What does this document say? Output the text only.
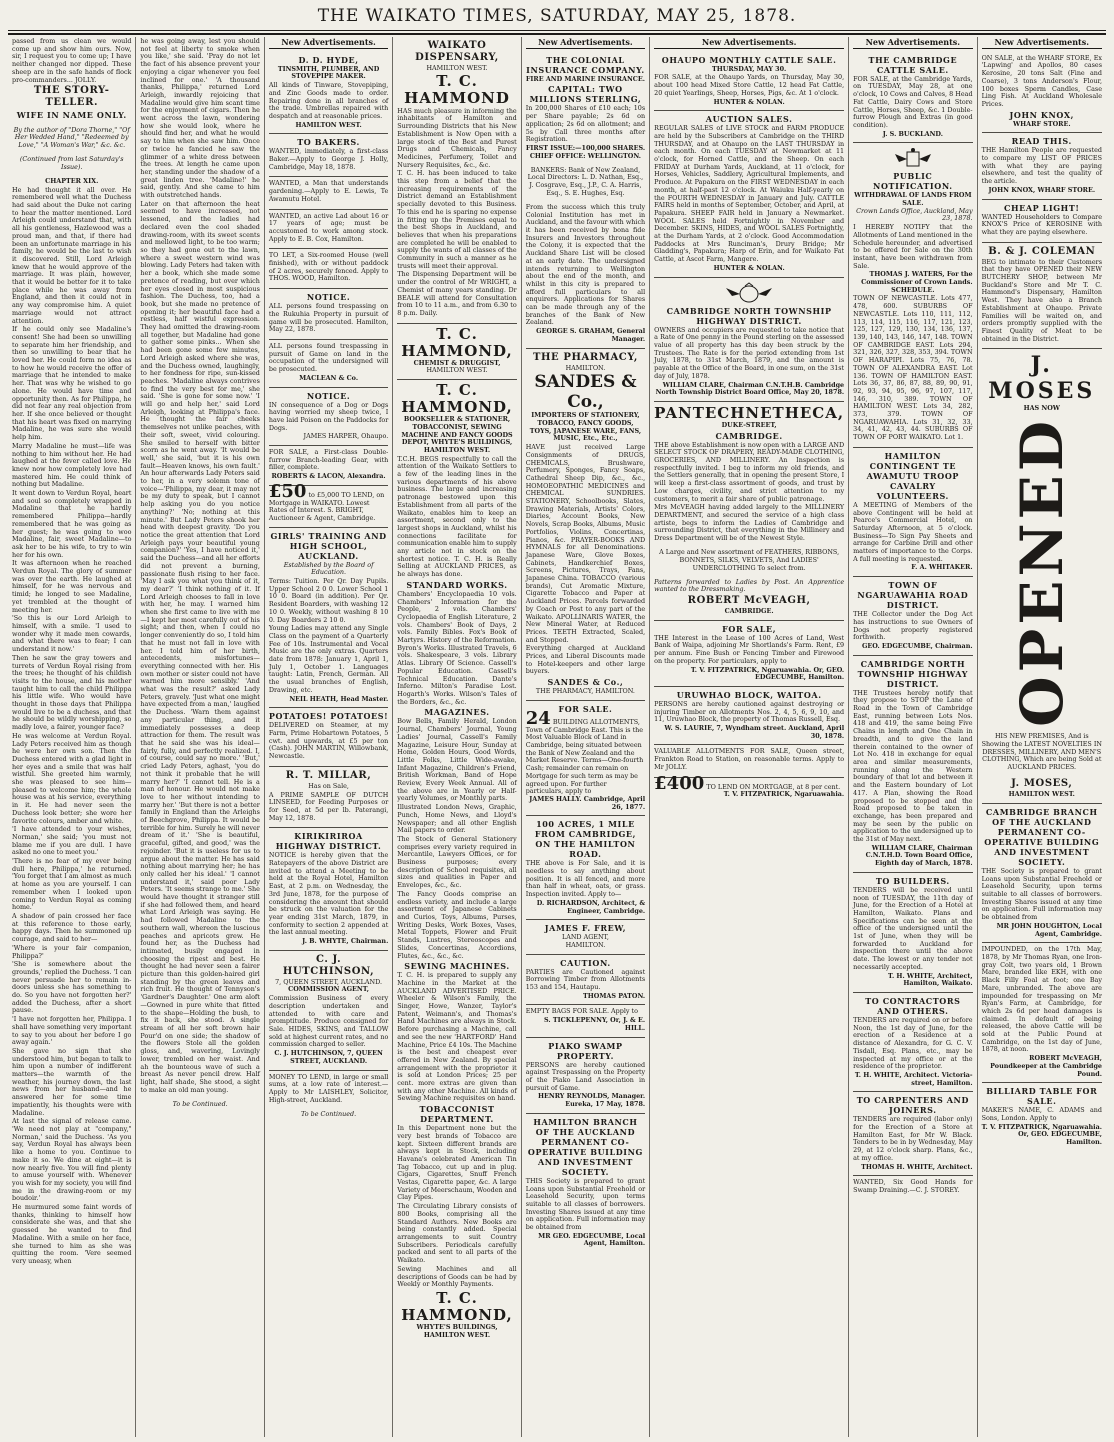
THE WAIKATO TIMES, SATURDAY, MAY 25, 1878.

passed from us clean we would come up and show him ours. Now, sir, I request you to come up; I have neither changed nor dipped. These sheep are in the safe hands of flock pro-commanders... JOLLY.

THE STORY-TELLER.
WIFE IN NAME ONLY.

By the author of "Dora Thorne," "Of Her Wedded Hand," "Redeemed by Love," "A Woman's War," &c. &c.

(Continued from last Saturday's Issue).

CHAPTER XIX.

He had thought it all over. He remembered well what the Duchess had said about the Duke not caring to hear the matter mentioned. Lord Arleigh could understand that, with all his gentleness, Hazlewood was a proud man, and that, if there had been an unfortunate marriage in his family, he would be the last to wish it discovered. Still, Lord Arleigh knew that he would approve of the marriage. It was plain, however, that it would be better for it to take place while he was away from England, and then it could not in any way compromise him. A quiet marriage would not attract attention.

If he could only see Madaline's consent! She had been so unwilling to separate him her friendship, and then so unwilling to bear that he loved her. He could form no idea as to how he would receive the offer of marriage that he intended to make her. That was why he wished to go alone. He would have time and opportunity then. As for Philippa, he did not fear any real objection from her. If she once believed or thought that his heart was fixed on marrying Madaline, he was sure she would help him.

Marry Madaline he must—life was nothing to him without her. He had laughed at the fever called love. He knew now how completely love had mastered him. He could think of nothing but Madaline.

It went down to Verdun Royal, heart and soul so completely wrapped in Madaline that he hardly remembered Philippa—hardly remembered that he was going as her guest; he was going to woo Madaline, fair, sweet Madaline—to ask her to be his wife, to try to win her for his own.

It was afternoon when he reached Verdun Royal. The glory of summer was over the earth. He laughed at himself, for he was nervous and timid; he longed to see Madaline, yet trembled at the thought of meeting her.

'So this is our Lord Arleigh to himself, with a smile. 'I used to wonder why it made men cowards, and what there was to fear; I can understand it now.'

Then he saw the gray towers and turrets of Verdun Royal rising from the trees; he thought of his childish visits to the house, and his mother taught him to call the child Philippa his little wife. Who would have thought in those days that Philippa would live to be a duchess, and that he should be wildly worshipping, so madly love, a fairer, younger face?

He was welcome at Verdun Royal. Lady Peters received him as though he were her own son. Then the Duchess entered with a glad light in her eyes and a smile that was half wistful. She greeted him warmly, she was pleased to see him—pleased to welcome him; the whole house was at his service, everything in it. He had never seen the Duchess look better; she wore her favorite colours, amber and white.

'I have attended to your wishes, Norman,' she said; 'you must not blame me if you are dull. I have asked no one to meet you.'

'There is no fear of my ever being dull here, Philippa,' he returned. 'You forget that I am almost as much at home as you are yourself. I can remember when I looked upon coming to Verdun Royal as coming home.'

A shadow of pain crossed her face at this reference to those early, happy days. Then he summoned up courage, and said to her—

'Where is your fair companion, Philippa?'

'She is somewhere about the grounds,' replied the Duchess. 'I can never persuade her to remain in-doors unless she has something to do. So you have not forgotten her?' added the Duchess, after a short pause.

'I have not forgotten her, Philippa. I shall have something very important to say to you about her before I go away again.'

She gave no sign that she understood him, but began to talk to him upon a number of indifferent matters—the warmth of the weather, his journey down, the last news from her husband—and he answered her for some time impatiently, his thoughts were with Madaline.

At last the signal of release came. 'We need not play at "company," Norman,' said the Duchess. 'As you say, Verdun Royal has always been like a home to you. Continue to make it so. We dine at eight—it is now nearly five. You will find plenty to amuse yourself with. Whenever you wish for my society, you will find me in the drawing-room or my boudoir.'

He murmured some faint words of thanks, thinking to himself how considerate she was, and that she guessed he wanted to find Madaline. With a smile on her face, she turned to him as she was quitting the room. 'Vere seemed very uneasy, when

he was going away, lest you should not feel at liberty to smoke when you like,' she said. 'Pray do not let the fact of his absence prevent your enjoying a cigar whenever you feel inclined for one.' 'A thousand thanks, Philippa,' returned Lord Arleigh, inwardly rejoicing that Madaline would give him scant time for the enjoyment of cigars. Then he went across the lawn, wondering how she would look, where he should find her, and what he would say to him when she saw him. Once or twice he fancied he saw the glimmer of a white dress between the trees. At length he came upon her, standing under the shadow of a great linden tree. 'Madaline!' he said, gently. And she came to him with outstretched hands.

Later on that afternoon the heat seemed to have increased, not lessened, and the ladies had declared even the cool shaded drawing-room, with its sweet scents and mellowed light, to be too warm; so they had gone out to the lawn, where a sweet western wind was blowing. Lady Peters had taken with her a book, which she made some pretence of reading, but over which her eyes closed in most suspicious fashion. The Duchess, too, had a book, but she made no pretence of opening it; her beautiful face had a restless, half wistful expression. They had omitted the drawing-room all together, but Madaline had gone to gather some pinks... When she had been gone some few minutes, Lord Arleigh asked where she was, and the Duchess owned, laughingly, to her fondness for ripe, sun-kissed peaches. 'Madaline always contrives to find the very best for me,' she said. 'She is gone for some now.' 'I will go and help her,' said Lord Arleigh, looking at Philippa's face. He thought the fair cheeks themselves not unlike peaches, with their soft, sweet, vivid colouring. She smiled to herself with bitter scorn as he went away. 'It would be well,' she said, 'but it is his own fault—Heaven knows, his own fault.' An hour afterwards Lady Peters said to her, in a very solemn tone of voice—'Philippa, my dear, it may not be my duty to speak, but I cannot help asking you do you notice anything?' 'No; nothing at this minute.' But Lady Peters shook her head with deepest gravity. 'Do you notice the great attention that Lord Arleigh pays your beautiful young companion?' 'Yes, I have noticed it,' said the Duchess—and all her efforts did not prevent a burning, passionate flush rising to her face. 'May I ask you what you think of it, my dear?' 'I think nothing of it. If Lord Arleigh chooses to fall in love with her, he may. I warned him when she first came to live with me—I kept her most carefully out of his sight; and then, when I could no longer conveniently do so, I told him that he must not fall in love with her. I told him of her birth, antecedents, misfortunes—everything connected with her. His own mother or sister could not have warned him more sensibly.' 'And what was the result?' asked Lady Peters, gravely. 'Just what one might have expected from a man,' laughed the Duchess. 'Warn them against any particular thing, and it immediately possesses a deep attraction for them. The result was that he said she was his ideal—fairly, fully, and perfectly realized. I, of course, could say no more.' 'But,' cried Lady Peters, aghast, 'you do not think it probable that he will marry her?' 'I cannot tell. He is a man of honour. He would not make love to her without intending to marry her.' 'But there is not a better family in England than the Arleighs of Beechgrove, Philippa. It would be terrible for him. Surely he will never dream of it.' 'She is beautiful, graceful, gifted, and good,' was the rejoinder. 'But it is useless for us to argue about the matter. He has said nothing about marrying her; he has only called her his ideal.' 'I cannot understand it,' said poor Lady Peters. 'It seems strange to me.' She would have thought it stranger still if she had followed them, and heard what Lord Arleigh was saying. He had followed Madaline to the southern wall, whereon the luscious peaches and apricots grew. He found her, as the Duchess had intimated, busily engaged in choosing the ripest and best. He thought he had never seen a fairer picture than this golden-haired girl standing by the green leaves and rich fruit. He thought of Tennyson's 'Gardner's Daughter.' One arm aloft—Gowned in pure white that fitted to the shape—Holding the bush, to fix it back, she stood. A single stream of all her soft brown hair Pour'd on one side; the shadow of the flowers Stole all the golden gloss, and, wavering, Lovingly lower, trembled on her waist. And ah the bounteous wave of such a breast As never pencil drew. Half light, half shade, She stood, a sight to make an old man young.

To be Continued.

New Advertisements.
D. D. HYDE,
TINSMITH, PLUMBER, AND STOVEPIPE MAKER.

All kinds of Tinware, Stovepiping, and Zinc Goods made to order. Repairing done in all branches of the trade. Umbrellas repaired with despatch and at reasonable prices.

HAMILTON WEST.
TO BAKERS.

WANTED, immediately, a first-class Baker.—Apply to George J. Holly, Cambridge, May 18, 1878.

WANTED, a Man that understands gardening.—Apply to E. Lewis, Te Awamutu Hotel.

WANTED, an active Lad about 16 or 17 years of age; must be accustomed to work among stock. Apply to E. B. Cox, Hamilton.

TO LET, a Six-roomed House (well finished), with or without paddock of 2 acres, securely fenced. Apply to THOS. WOOD, Hamilton.

NOTICE.

ALL persons found trespassing on the Rukuhia Property in pursuit of game will be prosecuted. Hamilton, May 22, 1878.

ALL persons found trespassing in pursuit of Game on land in the occupation of the undersigned will be prosecuted.

MACLEAN & Co.
NOTICE.

IN consequence of a Dog or Dogs having worried my sheep twice, I have laid Poison on the Paddocks for Dogs.

JAMES HARPER, Ohaupo.

FOR SALE, a First-class Double-furrow Branch-leading Gear, with filler, complete.

ROBERTS & LACON, Alexandra.
£50 to £5,000 TO LEND, on Mortgage in WAIKATO. Lowest Rates of Interest. S. BRIGHT, Auctioneer & Agent, Cambridge.
GIRLS' TRAINING AND HIGH SCHOOL, AUCKLAND.
Established by the Board of Education.

Terms: Tuition. Per Qr. Day Pupils. Upper School 2 0 0. Lower School 1 10 0. Board (in addition). Per Qr. Resident Boarders, with washing 12 10 0. Weekly, without washing 8 10 0. Day Boarders 2 10 0.

Young Ladies may attend any Single Class on the payment of a Quarterly Fee of 10s. Instrumental and Vocal Music are the only extras. Quarters date from 1878: January 1, April 1, July 1, October 1. Languages taught: Latin, French, German. All the usual branches of English, Drawing, etc.

NEIL HEATH, Head Master.
POTATOES! POTATOES!

DELIVERED on Steamer, at my Farm, Prime Hobartown Potatoes, 5 cwt. and upwards, at £5 per ton (Cash). JOHN MARTIN, Willowbank, Newcastle.

R. T. MILLAR,
Has on Sale,

A PRIME SAMPLE OF DUTCH LINSEED, for Feeding Purposes or for Seed, at 5d per lb. Paterangi, May 12, 1878.

KIRIKIRIROA HIGHWAY DISTRICT.

NOTICE is hereby given that the Ratepayers of the above District are invited to attend a Meeting to be held at the Royal Hotel, Hamilton East, at 2 p.m. on Wednesday, the 3rd June, 1878, for the purpose of considering the amount that should be struck on the valuation for the year ending 31st March, 1879, in conformity to section 2 appended at the last annual meeting.

J. B. WHYTE, Chairman.
C. J. HUTCHINSON,
7, QUEEN STREET, AUCKLAND.
COMMISSION AGENT,

Commission Business of every description undertaken and attended to with care and promptitude. Produce consigned for Sale. HIDES, SKINS, and TALLOW sold at highest current rates, and no commission charged to seller.

C. J. HUTCHINSON, 7, QUEEN STREET, AUCKLAND.

MONEY TO LEND, in large or small sums, at a low rate of interest.—Apply to Mr LAISHLEY, Solicitor, High-street, Auckland.

To be Continued.

WAIKATO DISPENSARY,
HAMILTON WEST.
T. C. HAMMOND

HAS much pleasure in informing the inhabitants of Hamilton and Surrounding Districts that his New Establishment is Now Open with a large stock of the Best and Purest Drugs and Chemicals, Fancy Medicines, Perfumery, Toilet and Nursery Requisites, &c., &c.

T. C. H. has been induced to take this step from a belief that the increasing requirements of the District demand an Establishment specially devoted to this Business. To this end he is sparing no expense in fitting up the Premises equal to the best Shops in Auckland, and believes that when his preparations are completed he will be enabled to supply the wants of all classes of the Community in such a manner as he trusts will meet their approval.

The Dispensing Department will be under the control of Mr WRIGHT, a Chemist of many years standing. Dr BEALE will attend for Consultation from 10 to 11 a.m., and from 6.30 to 8 p.m. Daily.

T. C. HAMMOND,
CHEMIST & DRUGGIST,
HAMILTON WEST.
T. C. HAMMOND,
BOOKSELLER & STATIONER, TOBACCONIST, SEWING MACHINE AND FANCY GOODS DEPOT, WHYTE'S BUILDINGS, HAMILTON WEST.

T.C.H. BEGS respectfully to call the attention of the Waikato Settlers to a few of the leading lines in the various departments of his above business. The large and increasing patronage bestowed upon this Establishment from all parts of the Waikato, enables him to keep an assortment, second only to the largest shops in Auckland, whilst his connections facilitate for communication enable him to supply any article not in stock on the shortest notice. T. C. H. is Really Selling at AUCKLAND PRICES, as he always has done.

STANDARD WORKS.

Chambers' Encyclopaedia 10 vols. Chambers' Information for the People, 2 vols. Chambers' Cyclopaedia of English Literature, 2 vols. Chambers' Book of Days, 2 vols. Family Bibles. Fox's Book of Martyrs. History of the Reformation. Byron's Works. Illustrated Travels, 6 vols. Shakespeare, 3 vols. Library Atlas. Library Of Science. Cassell's Popular Education. Cassell's Technical Education. Dante's Inferno. Milton's Paradise Lost. Hogarth's Works. Wilson's Tales of the Borders, &c., &c.

MAGAZINES.

Bow Bells, Family Herald, London Journal, Chambers' Journal, Young Ladies' Journal, Cassell's Family Magazine, Leisure Hour, Sunday at Home, Golden Hours, Good Words, Little Folks, Little Wide-awake, Infant Magazine, Children's Friend, British Workman, Band of Hope Review, Every Week Annual. All of the above are in Yearly or Half-yearly Volumes, or Monthly parts.

Illustrated London News, Graphic, Punch, Home News, and Lloyd's Newspaper; and all other English Mail papers to order.

The Stock of General Stationery comprises every variety required in Mercantile, Lawyers Offices, or for Business purposes; every description of School requisites, all sizes and qualities in Paper and Envelopes, &c., &c.

The Fancy Goods comprise an endless variety, and include a large assortment of Japanese Cabinets and Curios, Toys, Albums, Purses, Writing Desks, Work Boxes, Vases, Metal Toppets, Flower and Fruit Stands, Lustres, Stereoscopes and Slides, Concertinas, Accordions, Flutes, &c., &c., &c.

SEWING MACHINES.

T. C. H. is prepared to supply any Machine in the Market at the AUCKLAND ADVERTISED PRICE. Wheeler & Wilson's Family, the Singer, Howe, Wanzer, Taylor's Patent, Weimann's, and Thomas's Hand Machines are always in Stock. Before purchasing a Machine, call and see the new 'HARTFORD' Hand Machine, Price £4 10s. The Machine is the best and cheapest ever offered in New Zealand. By special arrangement with the proprietor it is sold at London Prices; 25 per cent. more extras are given than with any other Machine. All kinds of Sewing Machine requisites on hand.

TOBACCONIST DEPARTMENT.

In this Department none but the very best brands of Tobacco are kept. Sixteen different brands are always kept in Stock, including Havana's celebrated American Tin Tag Tobacco, cut up and in plug. Cigars, Cigarettes, Snuff French Vestas, Cigarette paper, &c. A large Variety of Meerschaum, Wooden and Clay Pipes.

The Circulating Library consists of 800 Books, comprising all the Standard Authors. New Books are being constantly added. Special arrangements to suit Country Subscribers. Periodicals carefully packed and sent to all parts of the Waikato.

Sewing Machines and all descriptions of Goods can be had by Weekly or Monthly Payments.

T. C. HAMMOND,
WHYTE'S BUILDINGS,
HAMILTON WEST.
New Advertisements.
THE COLONIAL INSURANCE COMPANY.
FIRE AND MARINE INSURANCE.
CAPITAL: TWO MILLIONS STERLING,

In 200,000 Shares of £10 each; 10s per Share payable; 2s 6d on application; 2s 6d on allotment; and 5s by Call three months after Registration.

FIRST ISSUE:—100,000 SHARES.
CHIEF OFFICE: WELLINGTON.

BANKERS: Bank of New Zealand, Local Directors: L. D. Nathan, Esq., J. Cosgrave, Esq., J.P., C. A. Harris, Esq., S. E. Hughes, Esq.

From the success which this truly Colonial Institution has met in Auckland, and the favour with which it has been received by bona fide Insurers and Investors throughout the Colony, it is expected that the Auckland Share List will be closed at an early date. The undersigned intends returning to Wellington about the end of the month, and whilst in this city is prepared to afford full particulars to all enquirers. Applications for Shares can be made through any of the branches of the Bank of New Zealand.

GEORGE S. GRAHAM, General Manager.
THE PHARMACY,
HAMILTON.
SANDES & Co.,
IMPORTERS OF STATIONERY, TOBACCO, FANCY GOODS, TOYS, JAPANESE WARE, FANS, MUSIC, Etc., Etc.,

HAVE just received Large Consignments of DRUGS, CHEMICALS, Brushware, Perfumery, Sponges, Fancy Soaps, Cathedral Sheep Dip, &c., &c., HOMOEOPATHIC MEDICINES and CHEMICAL SUNDRIES. STATIONERY, Schoolbooks, Slates, Drawing Materials, Artists' Colors, Diaries, Account Books, New Novels, Scrap Books, Albums, Music Portfolios, Violins, Concertinas, Pianos, &c. PRAYER-BOOKS AND HYMNALS for all Denominations. Japanese Ware, Glove Boxes, Cabinets, Handkerchief Boxes, Screens, Pictures, Trays, Fans, Japanese China. TOBACCO (various brands), Cut Aromatic Mixture, Cigarette Tobacco and Paper at Auckland Prices. Parcels forwarded by Coach or Post to any part of the Waikato. APOLLINARIS WATER, the New Mineral Water, at Reduced Prices. TEETH Extracted, Scaled, and Stopped.

Everything charged at Auckland Prices, and Liberal Discounts made to Hotel-keepers and other large buyers.

SANDES & Co.,
THE PHARMACY, HAMILTON.
FOR SALE.
24 BUILDING ALLOTMENTS, Town of Cambridge East. This is the Most Valuable Block of Land in Cambridge, being situated between the Bank of New Zealand and the Market Reserve. Terms—One-fourth Cash; remainder can remain on Mortgage for such term as may be agreed upon. For further particulars, apply to
JAMES HALLY. Cambridge, April 26, 1877.
100 ACRES, 1 MILE FROM CAMBRIDGE, ON THE HAMILTON ROAD.

THE above is For Sale, and it is needless to say anything about position. It is all fenced, and more than half in wheat, oats, or grass. Inspection invited. Apply to—

D. RICHARDSON, Architect, & Engineer, Cambridge.
JAMES F. FREW,
LAND AGENT,
HAMILTON.
CAUTION.

PARTIES are Cautioned against Borrowing Timber from Allotments 153 and 154, Hautapu.

THOMAS PATON.

EMPTY BAGS FOR SALE. Apply to

S. TICKLEPENNY, Or, J. & E. HILL.
PIAKO SWAMP PROPERTY.

PERSONS are hereby cautioned against Trespassing on the Property of the Piako Land Association in pursuit of Game.

HENRY REYNOLDS, Manager. Eureka, 17 May, 1878.
HAMILTON BRANCH OF THE AUCKLAND PERMANENT CO-OPERATIVE BUILDING AND INVESTMENT SOCIETY.

THIS Society is prepared to grant Loans upon Substantial Freehold or Leasehold Security, upon terms suitable to all classes of borrowers. Investing Shares issued at any time on application. Full information may be obtained from

MR GEO. EDGECUMBE, Local Agent, Hamilton.
New Advertisements.
OHAUPO MONTHLY CATTLE SALE.
THURSDAY, MAY 30.

FOR SALE, at the Ohaupo Yards, on Thursday, May 30, about 100 head Mixed Store Cattle, 12 head Fat Cattle, 20 quiet Yearlings, Sheep, Horses, Pigs, &c. At 1 o'clock.

HUNTER & NOLAN.
AUCTION SALES.

REGULAR SALES of LIVE STOCK and FARM PRODUCE are held by the Subscribers at Cambridge on the THIRD THURSDAY, and at Ohaupo on the LAST THURSDAY in each month. On each TUESDAY at Newmarket at 11 o'clock, for Horned Cattle, and the Sheep. On each FRIDAY at Durham Yards, Auckland, at 11 o'clock, for Horses, Vehicles, Saddlery, Agricultural Implements, and Produce. At Papakura on the FIRST WEDNESDAY in each month, at half-past 12 o'clock. At Waiuku Half-yearly on the FOURTH WEDNESDAY in January and July. CATTLE FAIRS held in months of September, October, and April, at Papakura. SHEEP FAIR held in January a Newmarket. WOOL SALES held Fortnightly in November and December. SKINS, HIDES, and WOOL SALES Fortnightly, at the Durham Yards, at 2 o'clock. Good Accommodation Paddocks at Mrs Runciman's, Drury Bridge; Mr Gladding's, Papakura; Harp of Erin, and for Waikato Fat Cattle, at Ascot Farm, Mangere.

HUNTER & NOLAN.
CAMBRIDGE NORTH TOWNSHIP HIGHWAY DISTRICT.

OWNERS and occupiers are requested to take notice that a Rate of One penny in the Pound sterling on the assessed value of all property has this day been struck by the Trustees. The Rate is for the period extending from 1st July, 1878, to 31st March, 1879, and the amount is payable at the Office of the Board, in one sum, on the 31st day of July, 1878.

WILLIAM CLARE, Chairman C.N.T.H.B. Cambridge North Township District Board Office, May 20, 1878.
PANTECHNETHECA,
DUKE-STREET,
CAMBRIDGE.

THE above Establishment is now open with a LARGE AND SELECT STOCK OF DRAPERY, READY-MADE CLOTHING, GROCERIES, AND MILLINERY. An Inspection is respectfully invited. I beg to inform my old friends, and the Settlers generally, that in opening the present Store, I will keep a first-class assortment of goods, and trust by Low charges, civility, and strict attention to my customers, to merit a fair share of public patronage.

Mrs McVEAGH having added largely to the MILLINERY DEPARTMENT, and secured the service of a high class artiste, begs to inform the Ladies of Cambridge and surrounding District, that everything in the Millinery and Dress Department will be of the Newest Style.

A Large and New assortment of FEATHERS, RIBBONS, BONNETS, SILKS, VELVETS, And LADIES' UNDERCLOTHING To select from.

Patterns forwarded to Ladies by Post. An Apprentice wanted to the Dressmaking.

ROBERT McVEAGH,
CAMBRIDGE.
FOR SALE,

THE Interest in the Lease of 100 Acres of Land, West Bank of Waipa, adjoining Mr Shortlands's Farm. Rent, £9 per annum. Fine Bush or Fencing Timber and Firewood on the property. For particulars, apply to

T. V. FITZPATRICK, Ngaruawahia. Or, GEO. EDGECUMBE, Hamilton.
URUWHAO BLOCK, WAITOA.

PERSONS are hereby cautioned against destroying or injuring Timber on Allotments Nos. 2, 4, 5, 6, 9, 10, and 11, Uruwhao Block, the property of Thomas Russell, Esq.

W. S. LAURIE, 7, Wyndham street. Auckland, April 30, 1878.

VALUABLE ALLOTMENTS FOR SALE, Queen street, Frankton Road to Station, on reasonable terms. Apply to Mr JOLLY.

£400 TO LEND ON MORTGAGE, at 8 per cent.
T. V. FITZPATRICK, Ngaruawahia.
New Advertisements.
THE CAMBRIDGE CATTLE SALE.

FOR SALE, at the Cambridge Yards, on TUESDAY, May 28, at one o'clock, 10 Cows and Calves, 8 Head Fat Cattle, Dairy Cows and Store Cattle, Horses, Sheep, &c. 1 Double-furrow Plough and Extras (in good condition).

J. S. BUCKLAND.
PUBLIC NOTIFICATION.
WITHDRAWAL OF LANDS FROM SALE.
Crown Lands Office, Auckland, May 23, 1878.

I HEREBY NOTIFY that the Allotments of Land mentioned in the Schedule hereunder, and advertised to be offered for Sale on the 30th instant, have been withdrawn from Sale.

THOMAS J. WATERS, For the Commissioner of Crown Lands.
SCHEDULE.

TOWN OF NEWCASTLE. Lots 477, 478, 600. SUBURBS OF NEWCASTLE. Lots 110, 111, 112, 113, 114, 115, 116, 117, 121, 123, 125, 127, 129, 130, 134, 136, 137, 139, 140, 143, 146, 147, 148. TOWN OF CAMBRIDGE EAST. Lots 294, 321, 326, 327, 328, 353, 394. TOWN OF HARAPIPI. Lots 75, 76, 78. TOWN OF ALEXANDRA EAST. Lot 136. TOWN OF HAMILTON EAST. Lots 36, 37, 86, 87, 88, 89, 90, 91, 92, 93, 94, 95, 96, 97, 107, 117, 146, 310, 389. TOWN OF HAMILTON WEST. Lots 34, 282, 373, 379. TOWN OF NGARUAWAHIA. Lots 31, 32, 33, 34, 41, 42, 43, 44. SUBURBS OF TOWN OF PORT WAIKATO. Lot 1.

HAMILTON CONTINGENT TE AWAMUTU TROOP CAVALRY VOLUNTEERS.

A MEETING of Members of the above Contingent will be held at Pearce's Commercial Hotel, on Saturday Afternoon, at 5 o'clock. Business—To Sign Pay Sheets and arrange for Carbine Drill and other matters of importance to the Corps. A full meeting is requested.

F. A. WHITAKER.
TOWN OF NGARUAWAHIA ROAD DISTRICT.

THE Collector under the Dog Act has instructions to sue Owners of Dogs not properly registered forthwith.

GEO. EDGECUMBE, Chairman.
CAMBRIDGE NORTH TOWNSHIP HIGHWAY DISTRICT.

THE Trustees hereby notify that they propose to STOP the Lane of Road in the Town of Cambridge East, running between Lots Nos. 418 and 419, the same being Five Chains in length and One Chain in breadth, and to give the land therein contained to the owner of Lot No. 418 in exchange for equal area and similar measurements, running along the Western boundary of that lot and between it and the Eastern boundary of Lot 417. A Plan, showing the Road proposed to be stopped and the Road proposed to be taken in exchange, has been prepared and may be seen by the public on application to the undersigned up to the 31st of May next.

WILLIAM CLARE, Chairman C.N.T.H.D. Town Board Office, Eighth day of March, 1878.
TO BUILDERS.

TENDERS will be received until noon of TUESDAY, the 11th day of June, for the Erection of a Hotel at Hamilton, Waikato. Plans and Specifications can be seen at the office of the undersigned until the 1st of June, when they will be forwarded to Auckland for inspection there until the above date. The lowest or any tender not necessarily accepted.

T. H. WHITE, Architect, Hamilton, Waikato.
TO CONTRACTORS AND OTHERS.

TENDERS are required on or before Noon, the 1st day of June, for the erection of a Residence at a distance of Alexandra, for G. C. V. Tisdall, Esq. Plans, etc., may be inspected at my office or at the residence of the proprietor.

T. H. WHITE, Architect. Victoria-street, Hamilton.
TO CARPENTERS AND JOINERS.

TENDERS are required (labor only) for the Erection of a Store at Hamilton East, for Mr W. Black. Tenders to be in by Wednesday, May 29, at 12 o'clock sharp. Plans, &c., at my office.

THOMAS H. WHITE, Architect.

WANTED, Six Good Hands for Swamp Draining.—C. J. STOREY.

New Advertisements.

ON SALE, at the WHARF STORE, Ex 'Lapwing' and Apollos, 80 cases Kerosine, 20 tons Salt (Fine and Coarse), 3 tons Anderson's Flour, 100 boxes Sperm Candles, Case Ling Fish. At Auckland Wholesale Prices.

JOHN KNOX,
WHARF STORE.
READ THIS.

THE Hamilton People are requested to compare my LIST OF PRICES with what they are paying elsewhere, and test the quality of the article.

JOHN KNOX, WHARF STORE.
CHEAP LIGHT!

WANTED Householders to Compare KNOX'S Price of KEROSINE with what they are paying elsewhere.

B. & J. COLEMAN

BEG to intimate to their Customers that they have OPENED their NEW BUTCHERY SHOP, between Mr Buckland's Store and Mr T. C. Hammond's Dispensary, Hamilton West. They have also a Branch Establishment at Ohaupo. Private Families will be waited on, and orders promptly supplied with the Finest Quality of Meat to be obtained in the District.

J. MOSES
HAS NOW
OPENED

HIS NEW PREMISES, And is Showing the LATEST NOVELTIES IN DRESSES, MILLINERY, AND MEN'S CLOTHING, Which are being Sold at AUCKLAND PRICES.

J. MOSES,
HAMILTON WEST.
CAMBRIDGE BRANCH OF THE AUCKLAND PERMANENT CO-OPERATIVE BUILDING AND INVESTMENT SOCIETY.

THE Society is prepared to grant Loans upon Substantial Freehold or Leasehold Security, upon terms suitable to all classes of borrowers. Investing Shares issued at any time on application. Full information may be obtained from

MR JOHN HOUGHTON, Local Agent, Cambridge.

IMPOUNDED, on the 17th May, 1878, by Mr Thomas Ryan, one Iron-gray Colt, two years old, 1 Brown Mare, branded like EKH, with one Black Filly Foal at foot; one Bay Mare, unbranded. The above are impounded for trespassing on Mr Ryan's Farm, at Cambridge, for which 2s 6d per head damages is claimed. In default of being released, the above Cattle will be sold at the Public Pound at Cambridge, on the 1st day of June, 1878, at noon.

ROBERT McVEAGH, Poundkeeper at the Cambridge Pound.
BILLIARD TABLE FOR SALE.

MAKER'S NAME, C. ADAMS and Sons, London. Apply to

T. V. FITZPATRICK, Ngaruawahia. Or, GEO. EDGECUMBE, Hamilton.
